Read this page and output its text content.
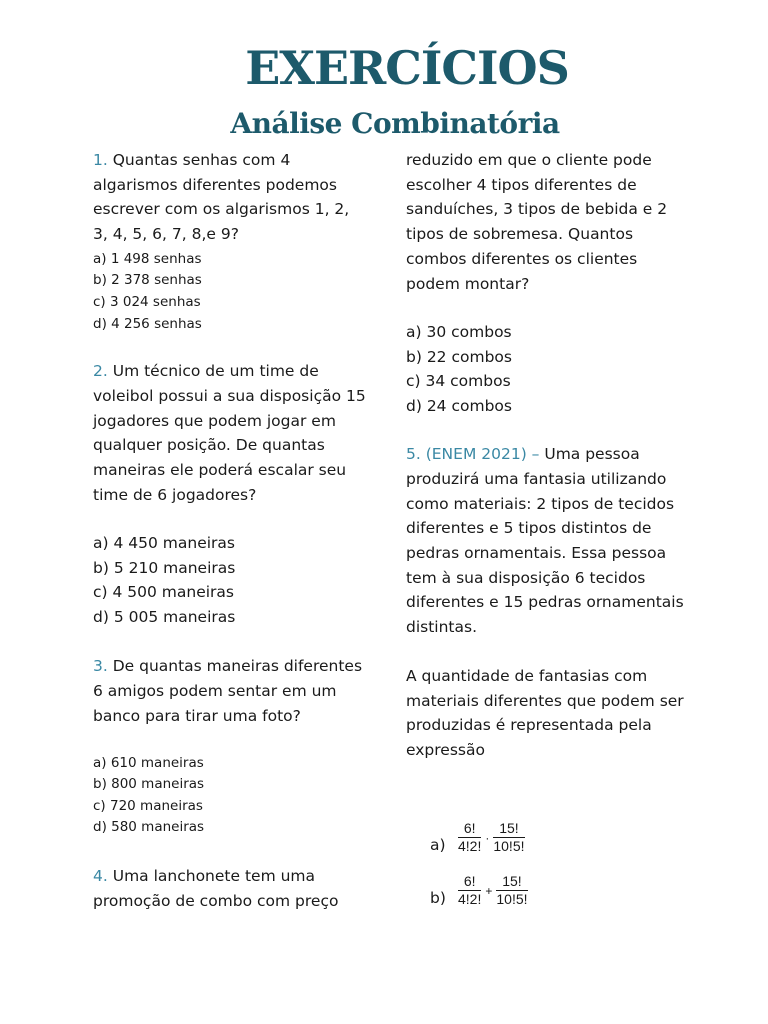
EXERCÍCIOS
Análise Combinatória

1. Quantas senhas com 4 algarismos diferentes podemos escrever com os algarismos 1, 2, 3, 4, 5, 6, 7, 8,e 9?

a) 1 498 senhas
b) 2 378 senhas
c) 3 024 senhas
d) 4 256 senhas

2. Um técnico de um time de voleibol possui a sua disposição 15 jogadores que podem jogar em qualquer posição. De quantas maneiras ele poderá escalar seu time de 6 jogadores?

a) 4 450 maneiras
b) 5 210 maneiras
c) 4 500 maneiras
d) 5 005 maneiras

3. De quantas maneiras diferentes 6 amigos podem sentar em um banco para tirar uma foto?

a) 610 maneiras
b) 800 maneiras
c) 720 maneiras
d) 580 maneiras

4. Uma lanchonete tem uma promoção de combo com preço

reduzido em que o cliente pode escolher 4 tipos diferentes de sanduíches, 3 tipos de bebida e 2 tipos de sobremesa. Quantos combos diferentes os clientes podem montar?

a) 30 combos
b) 22 combos
c) 34 combos
d) 24 combos

5. (ENEM 2021) – Uma pessoa produzirá uma fantasia utilizando como materiais: 2 tipos de tecidos diferentes e 5 tipos distintos de pedras ornamentais. Essa pessoa tem à sua disposição 6 tecidos diferentes e 15 pedras ornamentais distintas.

A quantidade de fantasias com materiais diferentes que podem ser produzidas é representada pela expressão

$a) \frac{6!}{4!2!} \cdot \frac{15!}{10!5!}$
$b) \frac{6!}{4!2!} + \frac{15!}{10!5!}$
